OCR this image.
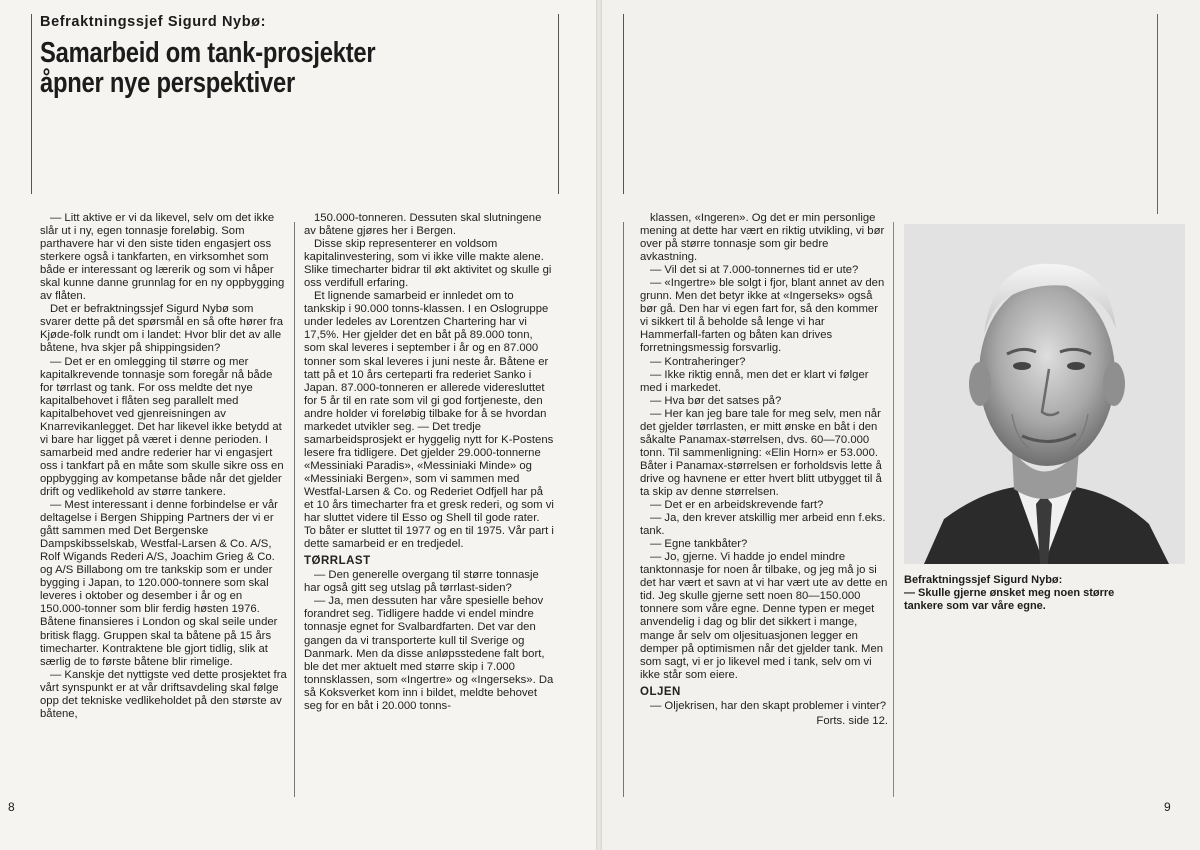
Befraktningssjef Sigurd Nybø:
Samarbeid om tank-prosjekter
åpner nye perspektiver

— Litt aktive er vi da likevel, selv om det ikke slår ut i ny, egen tonnasje foreløbig. Som parthavere har vi den siste tiden engasjert oss sterkere også i tankfarten, en virksomhet som både er interessant og lærerik og som vi håper skal kunne danne grunnlag for en ny oppbygging av flåten.

Det er befraktningssjef Sigurd Nybø som svarer dette på det spørsmål en så ofte hører fra Kjøde-folk rundt om i landet: Hvor blir det av alle båtene, hva skjer på shippingsiden?

— Det er en omlegging til større og mer kapitalkrevende tonnasje som foregår nå både for tørrlast og tank. For oss meldte det nye kapitalbehovet i flåten seg parallelt med kapitalbehovet ved gjenreisningen av Knarrevikanlegget. Det har likevel ikke betydd at vi bare har ligget på været i denne perioden. I samarbeid med andre rederier har vi engasjert oss i tankfart på en måte som skulle sikre oss en oppbygging av kompetanse både når det gjelder drift og vedlikehold av større tankere.

— Mest interessant i denne forbindelse er vår deltagelse i Bergen Shipping Partners der vi er gått sammen med Det Bergenske Dampskibsselskab, Westfal-Larsen & Co. A/S, Rolf Wigands Rederi A/S, Joachim Grieg & Co. og A/S Billabong om tre tankskip som er under bygging i Japan, to 120.000-tonnere som skal leveres i oktober og desember i år og en 150.000-tonner som blir ferdig høsten 1976. Båtene finansieres i London og skal seile under britisk flagg. Gruppen skal ta båtene på 15 års timecharter. Kontraktene ble gjort tidlig, slik at særlig de to første båtene blir rimelige.

— Kanskje det nyttigste ved dette prosjektet fra vårt synspunkt er at vår driftsavdeling skal følge opp det tekniske vedlikeholdet på den største av båtene,

150.000-tonneren. Dessuten skal slutningene av båtene gjøres her i Bergen.

Disse skip representerer en voldsom kapitalinvestering, som vi ikke ville makte alene. Slike timecharter bidrar til økt aktivitet og skulle gi oss verdifull erfaring.

Et lignende samarbeid er innledet om to tankskip i 90.000 tonns-klassen. I en Oslogruppe under ledeles av Lorentzen Chartering har vi 17,5%. Her gjelder det en båt på 89.000 tonn, som skal leveres i september i år og en 87.000 tonner som skal leveres i juni neste år. Båtene er tatt på et 10 års certeparti fra rederiet Sanko i Japan. 87.000-tonneren er allerede videresluttet for 5 år til en rate som vil gi god fortjeneste, den andre holder vi foreløbig tilbake for å se hvordan markedet utvikler seg. — Det tredje samarbeidsprosjekt er hyggelig nytt for K-Postens lesere fra tidligere. Det gjelder 29.000-tonnerne «Messiniaki Paradis», «Messiniaki Minde» og «Messiniaki Bergen», som vi sammen med Westfal-Larsen & Co. og Rederiet Odfjell har på et 10 års timecharter fra et gresk rederi, og som vi har sluttet videre til Esso og Shell til gode rater. To båter er sluttet til 1977 og en til 1975. Vår part i dette samarbeid er en tredjedel.

TØRRLAST

— Den generelle overgang til større tonnasje har også gitt seg utslag på tørrlast-siden?

— Ja, men dessuten har våre spesielle behov forandret seg. Tidligere hadde vi endel mindre tonnasje egnet for Svalbardfarten. Det var den gangen da vi transporterte kull til Sverige og Danmark. Men da disse anløpsstedene falt bort, ble det mer aktuelt med større skip i 7.000 tonnsklassen, som «Ingertre» og «Ingerseks». Da så Koksverket kom inn i bildet, meldte behovet seg for en båt i 20.000 tonns-

klassen, «Ingeren». Og det er min personlige mening at dette har vært en riktig utvikling, vi bør over på større tonnasje som gir bedre avkastning.

— Vil det si at 7.000-tonnernes tid er ute?

— «Ingertre» ble solgt i fjor, blant annet av den grunn. Men det betyr ikke at «Ingerseks» også bør gå. Den har vi egen fart for, så den kommer vi sikkert til å beholde så lenge vi har Hammerfall-farten og båten kan drives forretningsmessig forsvarlig.

— Kontraheringer?

— Ikke riktig ennå, men det er klart vi følger med i markedet.

— Hva bør det satses på?

— Her kan jeg bare tale for meg selv, men når det gjelder tørrlasten, er mitt ønske en båt i den såkalte Panamax-størrelsen, dvs. 60—70.000 tonn. Til sammenligning: «Elin Horn» er 53.000. Båter i Panamax-størrelsen er forholdsvis lette å drive og havnene er etter hvert blitt utbygget til å ta skip av denne størrelsen.

— Det er en arbeidskrevende fart?

— Ja, den krever atskillig mer arbeid enn f.eks. tank.

— Egne tankbåter?

— Jo, gjerne. Vi hadde jo endel mindre tanktonnasje for noen år tilbake, og jeg må jo si det har vært et savn at vi har vært ute av dette en tid. Jeg skulle gjerne sett noen 80—150.000 tonnere som våre egne. Denne typen er meget anvendelig i dag og blir det sikkert i mange, mange år selv om oljesituasjonen legger en demper på optimismen når det gjelder tank. Men som sagt, vi er jo likevel med i tank, selv om vi ikke står som eiere.

OLJEN

— Oljekrisen, har den skapt problemer i vinter?

Forts. side 12.
Befraktningssjef Sigurd Nybø:
— Skulle gjerne ønsket meg noen større
tankere som var våre egne.
8	9
